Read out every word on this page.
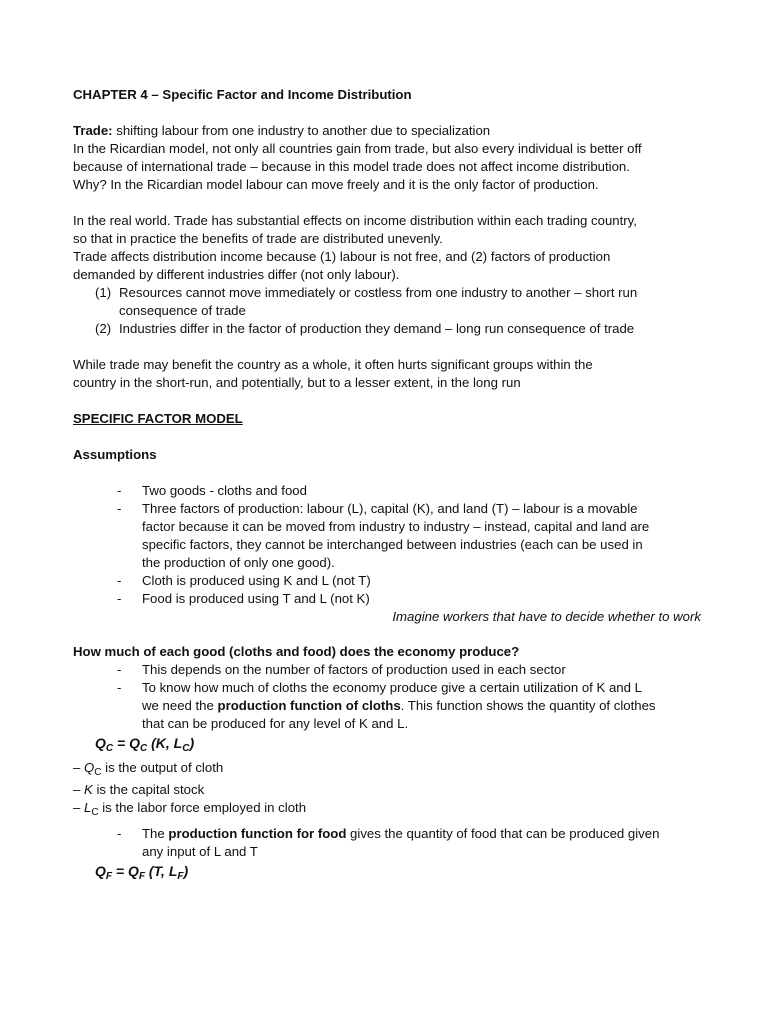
CHAPTER 4 – Specific Factor and Income Distribution

Trade: shifting labour from one industry to another due to specialization

In the Ricardian model, not only all countries gain from trade, but also every individual is better off

because of international trade – because in this model trade does not affect income distribution.

Why? In the Ricardian model labour can move freely and it is the only factor of production.

In the real world. Trade has substantial effects on income distribution within each trading country,

so that in practice the benefits of trade are distributed unevenly.

Trade affects distribution income because (1) labour is not free, and (2) factors of production

demanded by different industries differ (not only labour).

(1) Resources cannot move immediately or costless from one industry to another – short run
consequence of trade
(2) Industries differ in the factor of production they demand – long run consequence of trade

While trade may benefit the country as a whole, it often hurts significant groups within the

country in the short-run, and potentially, but to a lesser extent, in the long run

SPECIFIC FACTOR MODEL

Assumptions

-	Two goods - cloths and food
-	Three factors of production: labour (L), capital (K), and land (T) – labour is a movable
factor because it can be moved from industry to industry – instead, capital and land are
specific factors, they cannot be interchanged between industries (each can be used in
the production of only one good).
-	Cloth is produced using K and L (not T)
-	Food is produced using T and L (not K)

Imagine workers that have to decide whether to work

How much of each good (cloths and food) does the economy produce?

-	This depends on the number of factors of production used in each sector
-	To know how much of cloths the economy produce give a certain utilization of K and L
we need the production function of cloths. This function shows the quantity of clothes
that can be produced for any level of K and L.
$Q_C = Q_C$ (K, $L_C$)
– $Q_C$ is the output of cloth
– K is the capital stock
– $L_C$ is the labor force employed in cloth
-	The production function for food gives the quantity of food that can be produced given
any input of L and T
$Q_F = Q_F$ (T, $L_F$)
